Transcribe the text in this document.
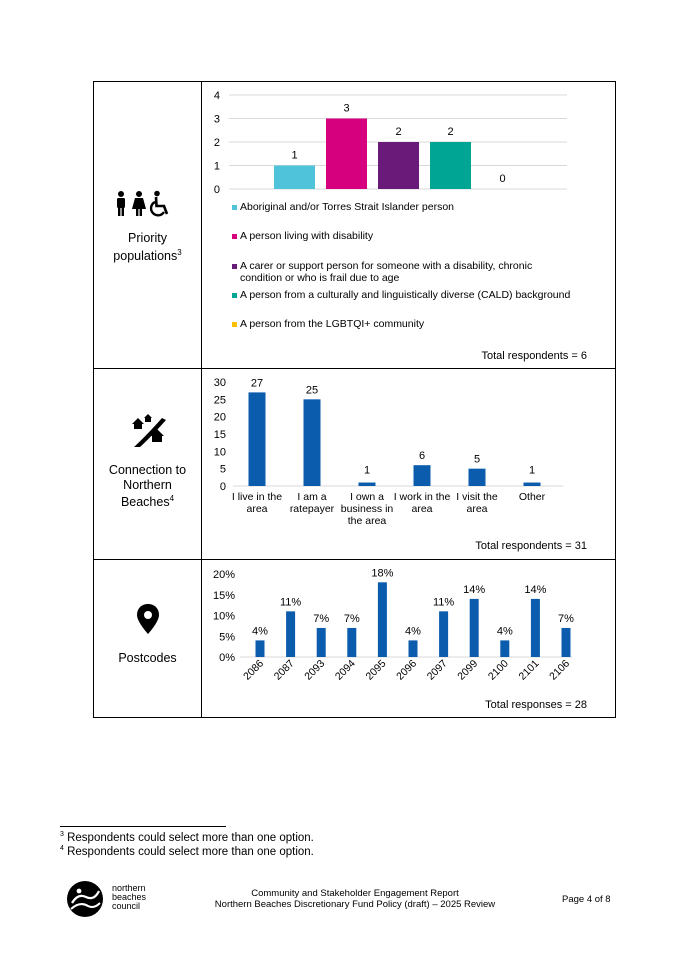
Priority populations$^3$
0
1
2
3
4
1
3
2	2
0
Aboriginal and/or Torres Strait Islander person
A person living with disability
A carer or support person for someone with a disability, chronic
condition or who is frail due to age
A person from a culturally and linguistically diverse (CALD) background
A person from the LGBTQI+ community
Total respondents = 6
Connection to
Northern
Beaches$^4$
0
5
10
15
20
25
30 27
I live in the
area
25
I am a
ratepayer
1
I own a
business in
the area
6
I work in the
area
5
I visit the
area
1
Other
Total respondents = 31
Postcodes	0%
5%
10%
15%
20%
4%
2086
11%
2087
7%
2093
7%
2094
18%
2095
4%
2096
11%
2097
14%
2099
4%
2100
14%
2101
7%
2106
Total responses = 28
$^3$ Respondents could select more than one option.
$^4$ Respondents could select more than one option.
northern
beaches
council
Community and Stakeholder Engagement Report
Northern Beaches Discretionary Fund Policy (draft) – 2025 Review	Page 4 of 8
